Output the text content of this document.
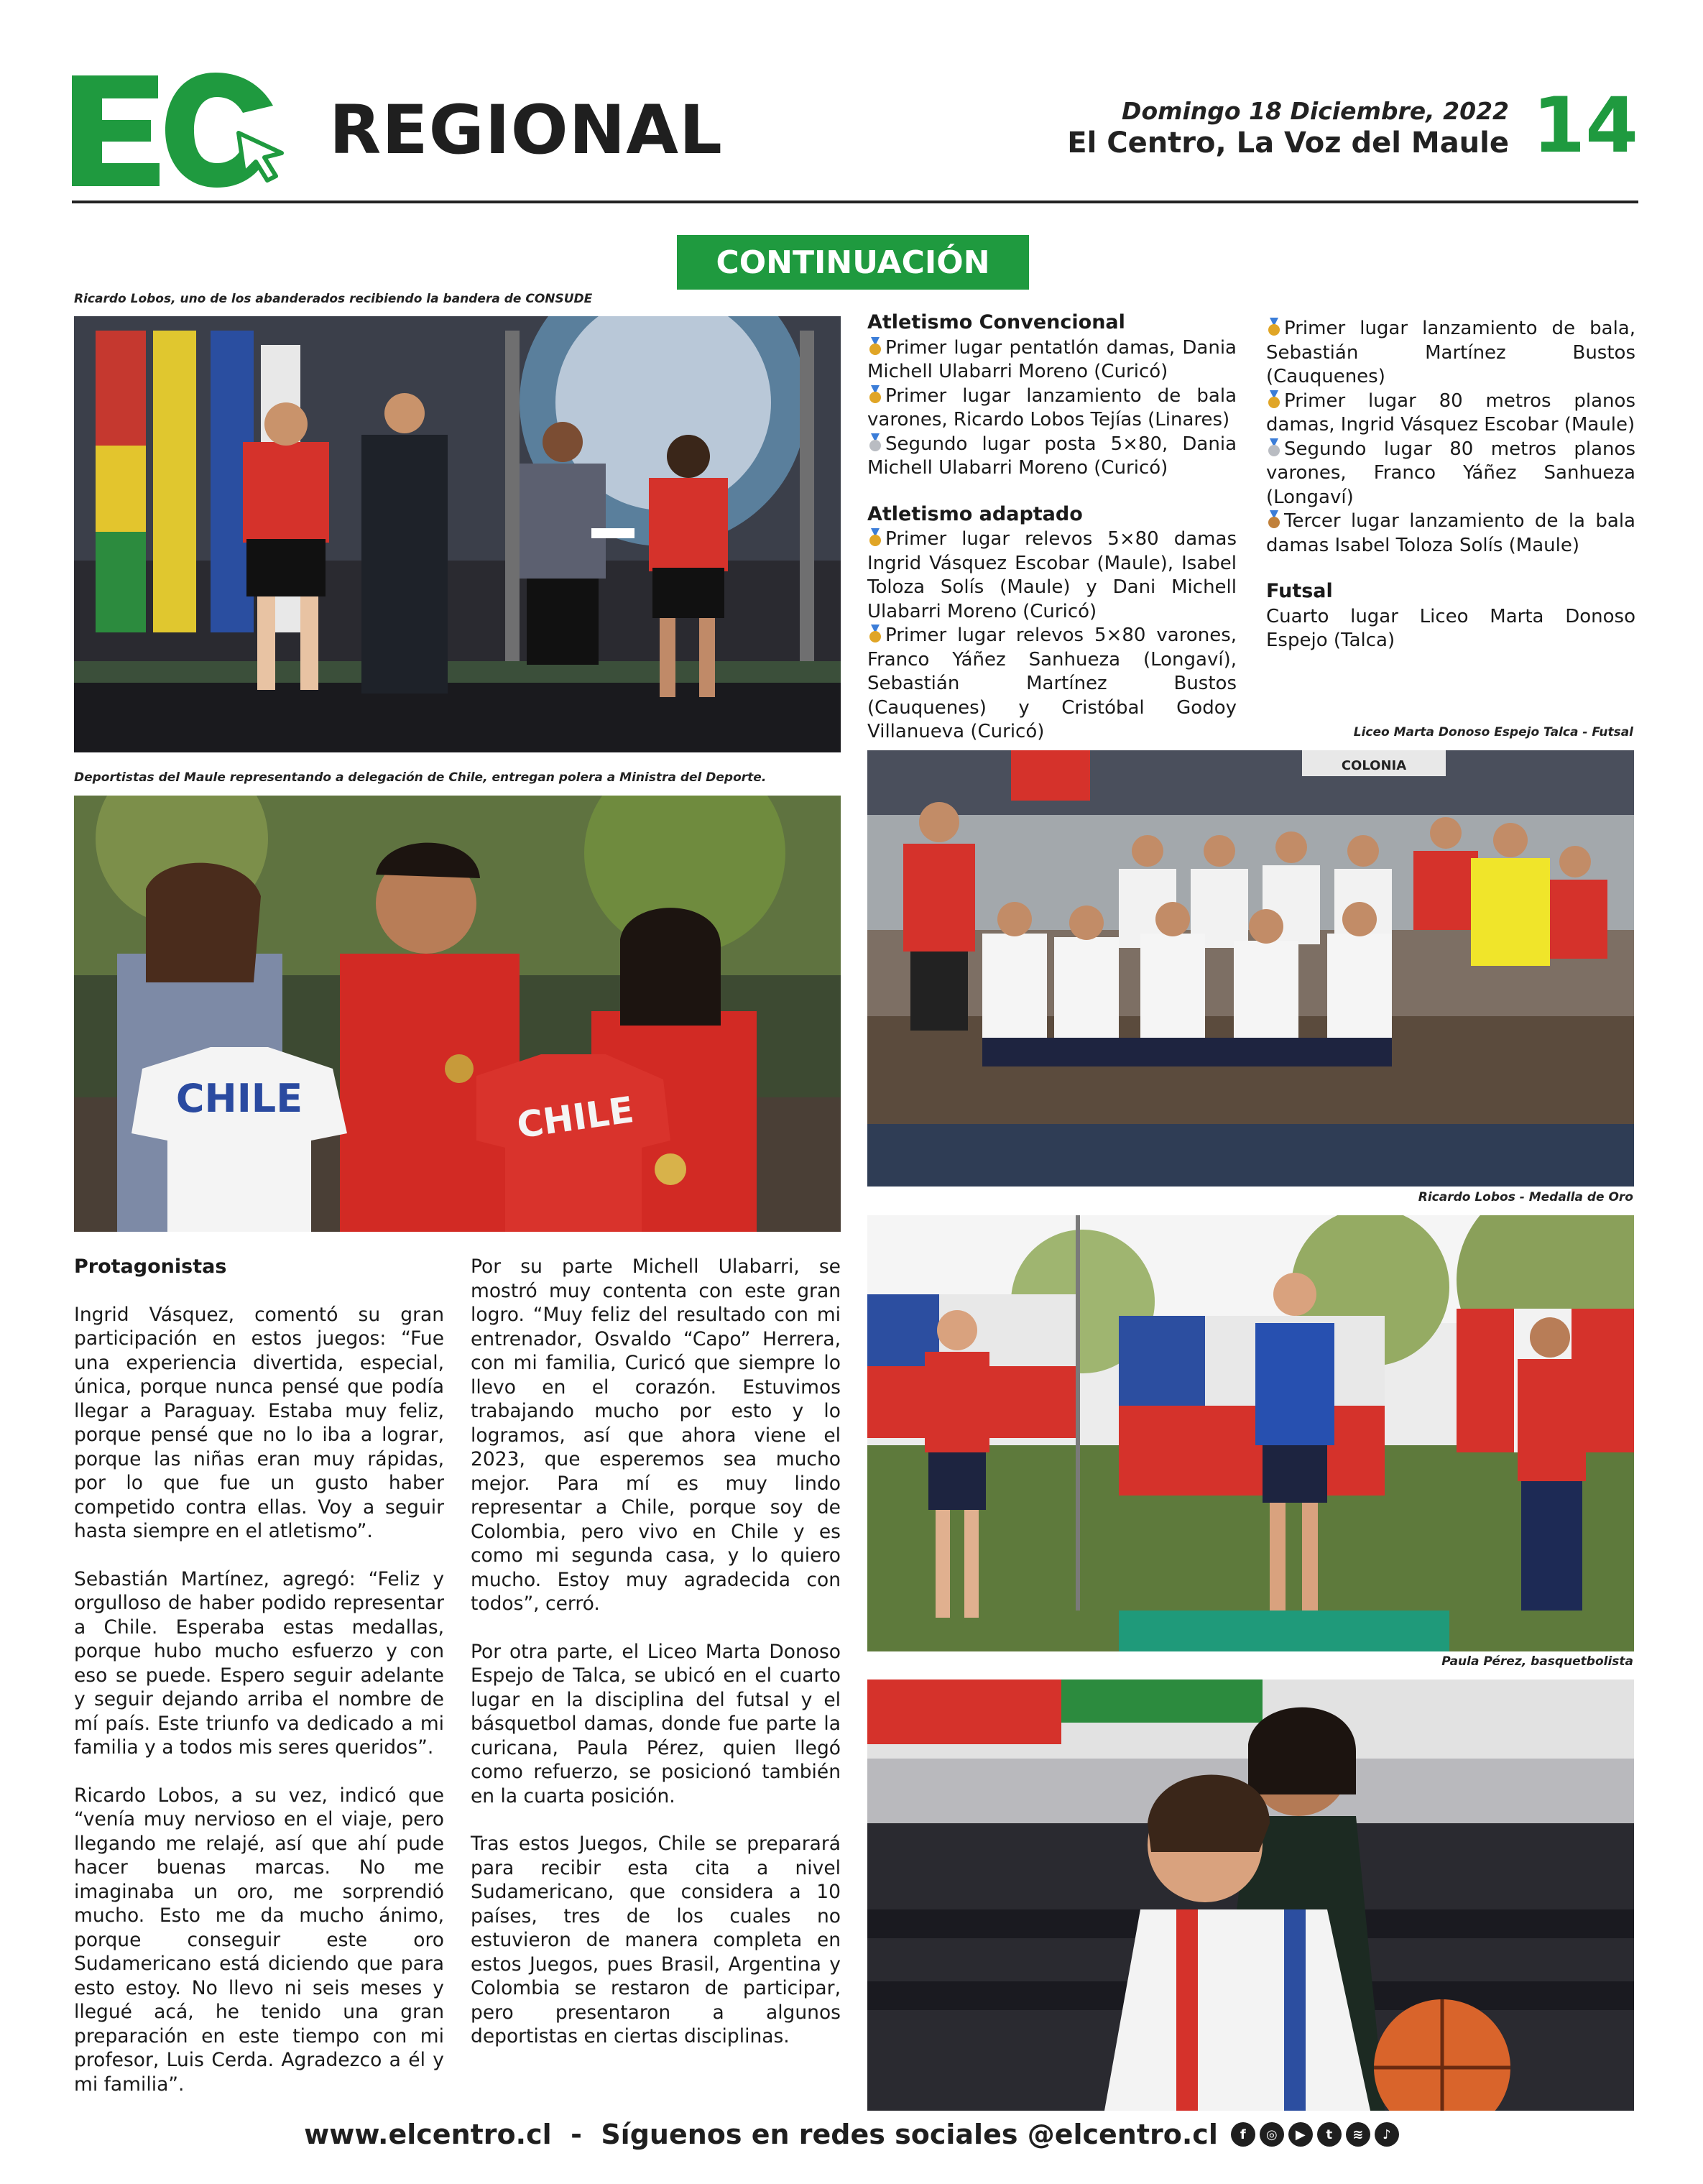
REGIONAL	Domingo 18 Diciembre, 2022
El Centro, La Voz del Maule 14
CONTINUACIÓN
Ricardo Lobos, uno de los abanderados recibiendo la bandera de CONSUDE
Deportistas del Maule representando a delegación de Chile, entregan polera a Ministra del Deporte.
CHILE	CHILE
Atletismo Convencional
Primer lugar pentatlón damas, Dania Michell Ulabarri Moreno (Curicó)
Primer lugar lanzamiento de bala varones, Ricardo Lobos Tejías (Linares)
Segundo lugar posta 5×80, Dania Michell Ulabarri Moreno (Curicó)
Atletismo adaptado
Primer lugar relevos 5×80 damas Ingrid Vásquez Escobar (Maule), Isabel Toloza Solís (Maule) y Dani Michell Ulabarri Moreno (Curicó)
Primer lugar relevos 5×80 varones, Franco Yáñez Sanhueza (Longaví), Sebastián Martínez Bustos (Cauquenes) y Cristóbal Godoy Villanueva (Curicó)
Primer lugar lanzamiento de bala, Sebastián Martínez Bustos (Cauquenes)
Primer lugar 80 metros planos damas, Ingrid Vásquez Escobar (Maule)
Segundo lugar 80 metros planos varones, Franco Yáñez Sanhueza (Longaví)
Tercer lugar lanzamiento de la bala damas Isabel Toloza Solís (Maule)
Futsal
Cuarto lugar Liceo Marta Donoso Espejo (Talca)
Liceo Marta Donoso Espejo Talca - Futsal
COLONIA
Ricardo Lobos - Medalla de Oro
Paula Pérez, basquetbolista
Protagonistas

Ingrid Vásquez, comentó su gran participación en estos juegos: “Fue una experiencia divertida, especial, única, porque nunca pensé que podía llegar a Paraguay. Estaba muy feliz, porque pensé que no lo iba a lograr, porque las niñas eran muy rápidas, por lo que fue un gusto haber competido contra ellas. Voy a seguir hasta siempre en el atletismo”.

Sebastián Martínez, agregó: “Feliz y orgulloso de haber podido representar a Chile. Esperaba estas medallas, porque hubo mucho esfuerzo y con eso se puede. Espero seguir adelante y seguir dejando arriba el nombre de mí país. Este triunfo va dedicado a mi familia y a todos mis seres queridos”.

Ricardo Lobos, a su vez, indicó que “venía muy nervioso en el viaje, pero llegando me relajé, así que ahí pude hacer buenas marcas. No me imaginaba un oro, me sorprendió mucho. Esto me da mucho ánimo, porque conseguir este oro Sudamericano está diciendo que para esto estoy. No llevo ni seis meses y llegué acá, he tenido una gran preparación en este tiempo con mi profesor, Luis Cerda. Agradezco a él y mi familia”.

Por su parte Michell Ulabarri, se mostró muy contenta con este gran logro. “Muy feliz del resultado con mi entrenador, Osvaldo “Capo” Herrera, con mi familia, Curicó que siempre lo llevo en el corazón. Estuvimos trabajando mucho por esto y lo logramos, así que ahora viene el 2023, que esperemos sea mucho mejor. Para mí es muy lindo representar a Chile, porque soy de Colombia, pero vivo en Chile y es como mi segunda casa, y lo quiero mucho. Estoy muy agradecida con todos”, cerró.

Por otra parte, el Liceo Marta Donoso Espejo de Talca, se ubicó en el cuarto lugar en la disciplina del futsal y el básquetbol damas, donde fue parte la curicana, Paula Pérez, quien llegó como refuerzo, se posicionó también en la cuarta posición.

Tras estos Juegos, Chile se preparará para recibir esta cita a nivel Sudamericano, que considera a 10 países, tres de los cuales no estuvieron de manera completa en estos Juegos, pues Brasil, Argentina y Colombia se restaron de participar, pero presentaron a algunos deportistas en ciertas disciplinas.

www.elcentro.cl  -  Síguenos en redes sociales @elcentro.cl	f	◎	▶	t	≋	♪
